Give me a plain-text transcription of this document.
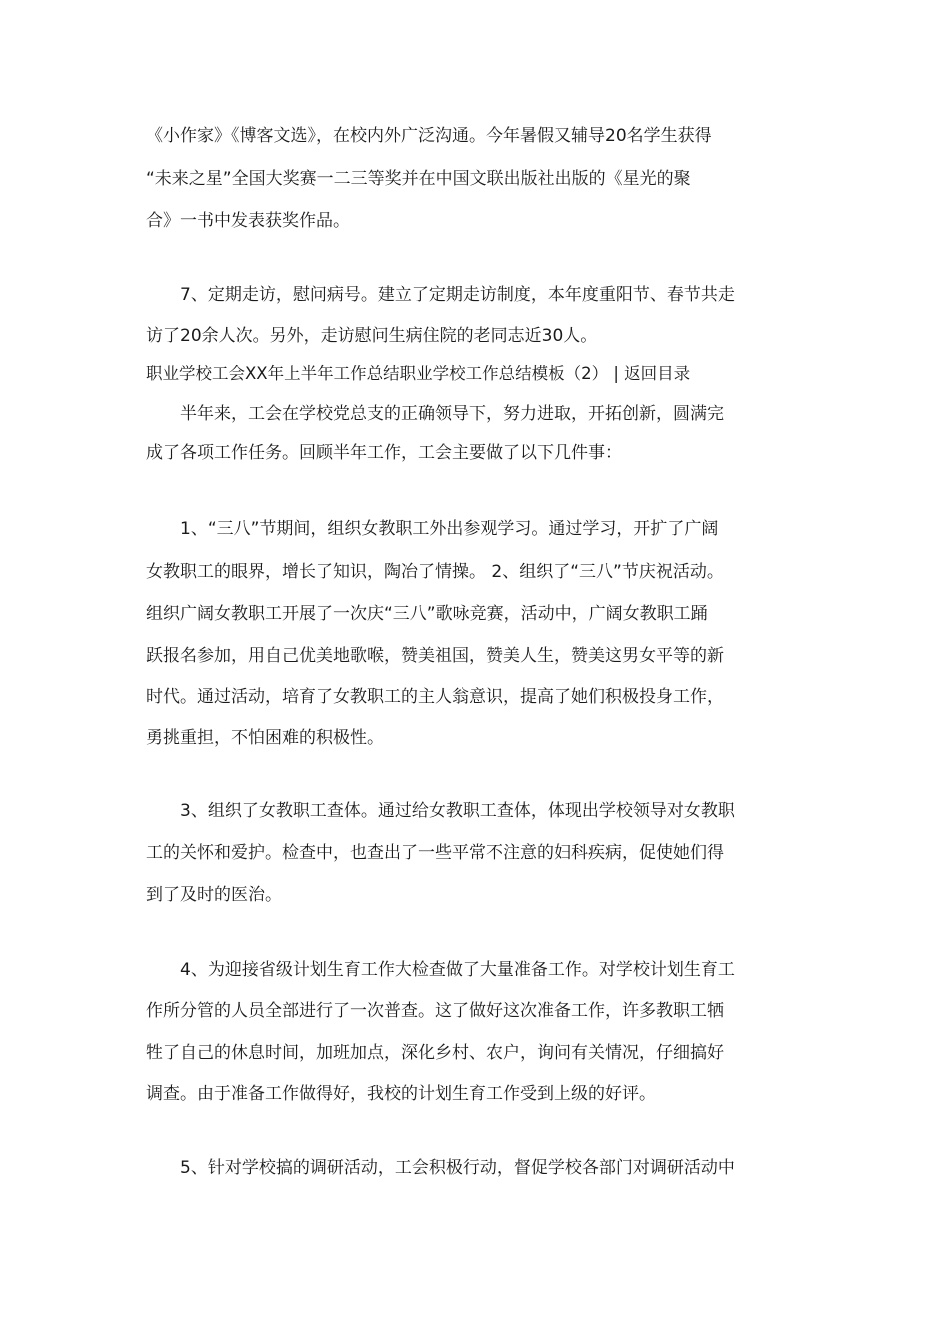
《小作家》《博客文选》，在校内外广泛沟通。今年暑假又辅导20名学生获得
“未来之星”全国大奖赛一二三等奖并在中国文联出版社出版的《星光的聚
合》一书中发表获奖作品。
7、定期走访，慰问病号。建立了定期走访制度，本年度重阳节、春节共走
访了20余人次。另外，走访慰问生病住院的老同志近30人。
职业学校工会XX年上半年工作总结职业学校工作总结模板（2） | 返回目录
半年来，工会在学校党总支的正确领导下，努力进取，开拓创新，圆满完
成了各项工作任务。回顾半年工作，工会主要做了以下几件事：
1、“三八”节期间，组织女教职工外出参观学习。通过学习，开扩了广阔
女教职工的眼界，增长了知识，陶冶了情操。 2、组织了“三八”节庆祝活动。
组织广阔女教职工开展了一次庆“三八”歌咏竞赛，活动中，广阔女教职工踊
跃报名参加，用自己优美地歌喉，赞美祖国，赞美人生，赞美这男女平等的新
时代。通过活动，培育了女教职工的主人翁意识，提高了她们积极投身工作，
勇挑重担，不怕困难的积极性。
3、组织了女教职工查体。通过给女教职工查体，体现出学校领导对女教职
工的关怀和爱护。检查中，也查出了一些平常不注意的妇科疾病，促使她们得
到了及时的医治。
4、为迎接省级计划生育工作大检查做了大量准备工作。对学校计划生育工
作所分管的人员全部进行了一次普查。这了做好这次准备工作，许多教职工牺
牲了自己的休息时间，加班加点，深化乡村、农户，询问有关情况，仔细搞好
调查。由于准备工作做得好，我校的计划生育工作受到上级的好评。
5、针对学校搞的调研活动，工会积极行动，督促学校各部门对调研活动中
